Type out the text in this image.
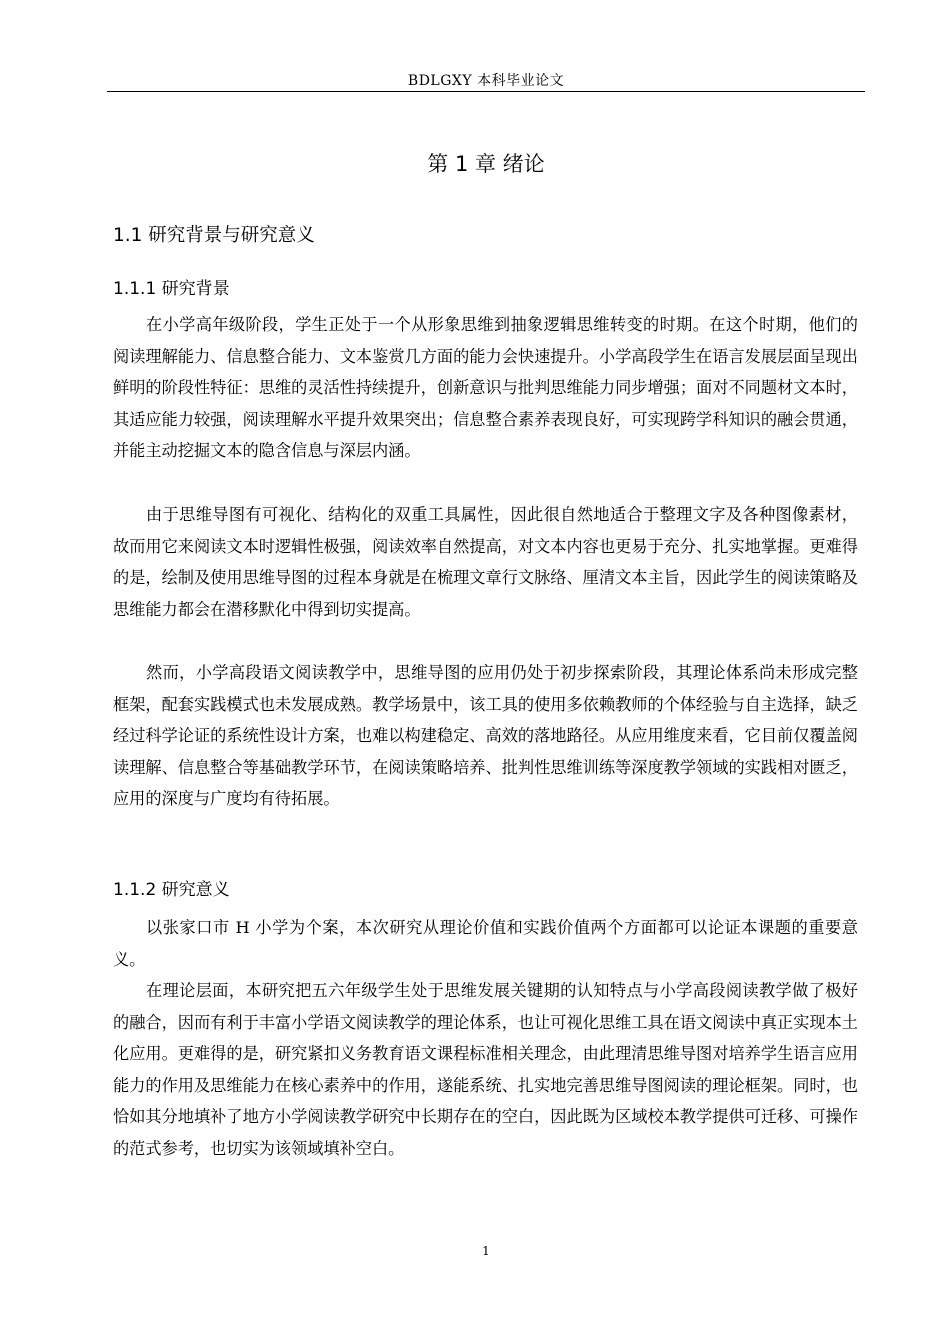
BDLGXY 本科毕业论文
第 1 章 绪论
1.1 研究背景与研究意义
1.1.1 研究背景

在小学高年级阶段，学生正处于一个从形象思维到抽象逻辑思维转变的时期。在这个时期，他们的阅读理解能力、信息整合能力、文本鉴赏几方面的能力会快速提升。小学高段学生在语言发展层面呈现出鲜明的阶段性特征：思维的灵活性持续提升，创新意识与批判思维能力同步增强；面对不同题材文本时，其适应能力较强，阅读理解水平提升效果突出；信息整合素养表现良好，可实现跨学科知识的融会贯通，并能主动挖掘文本的隐含信息与深层内涵。

由于思维导图有可视化、结构化的双重工具属性，因此很自然地适合于整理文字及各种图像素材，故而用它来阅读文本时逻辑性极强，阅读效率自然提高，对文本内容也更易于充分、扎实地掌握。更难得的是，绘制及使用思维导图的过程本身就是在梳理文章行文脉络、厘清文本主旨，因此学生的阅读策略及思维能力都会在潜移默化中得到切实提高。

然而，小学高段语文阅读教学中，思维导图的应用仍处于初步探索阶段，其理论体系尚未形成完整框架，配套实践模式也未发展成熟。教学场景中，该工具的使用多依赖教师的个体经验与自主选择，缺乏经过科学论证的系统性设计方案，也难以构建稳定、高效的落地路径。从应用维度来看，它目前仅覆盖阅读理解、信息整合等基础教学环节，在阅读策略培养、批判性思维训练等深度教学领域的实践相对匮乏，应用的深度与广度均有待拓展。

1.1.2 研究意义

以张家口市 H 小学为个案，本次研究从理论价值和实践价值两个方面都可以论证本课题的重要意义。

在理论层面，本研究把五六年级学生处于思维发展关键期的认知特点与小学高段阅读教学做了极好的融合，因而有利于丰富小学语文阅读教学的理论体系，也让可视化思维工具在语文阅读中真正实现本土化应用。更难得的是，研究紧扣义务教育语文课程标准相关理念，由此理清思维导图对培养学生语言应用能力的作用及思维能力在核心素养中的作用，遂能系统、扎实地完善思维导图阅读的理论框架。同时，也恰如其分地填补了地方小学阅读教学研究中长期存在的空白，因此既为区域校本教学提供可迁移、可操作的范式参考，也切实为该领域填补空白。

1
